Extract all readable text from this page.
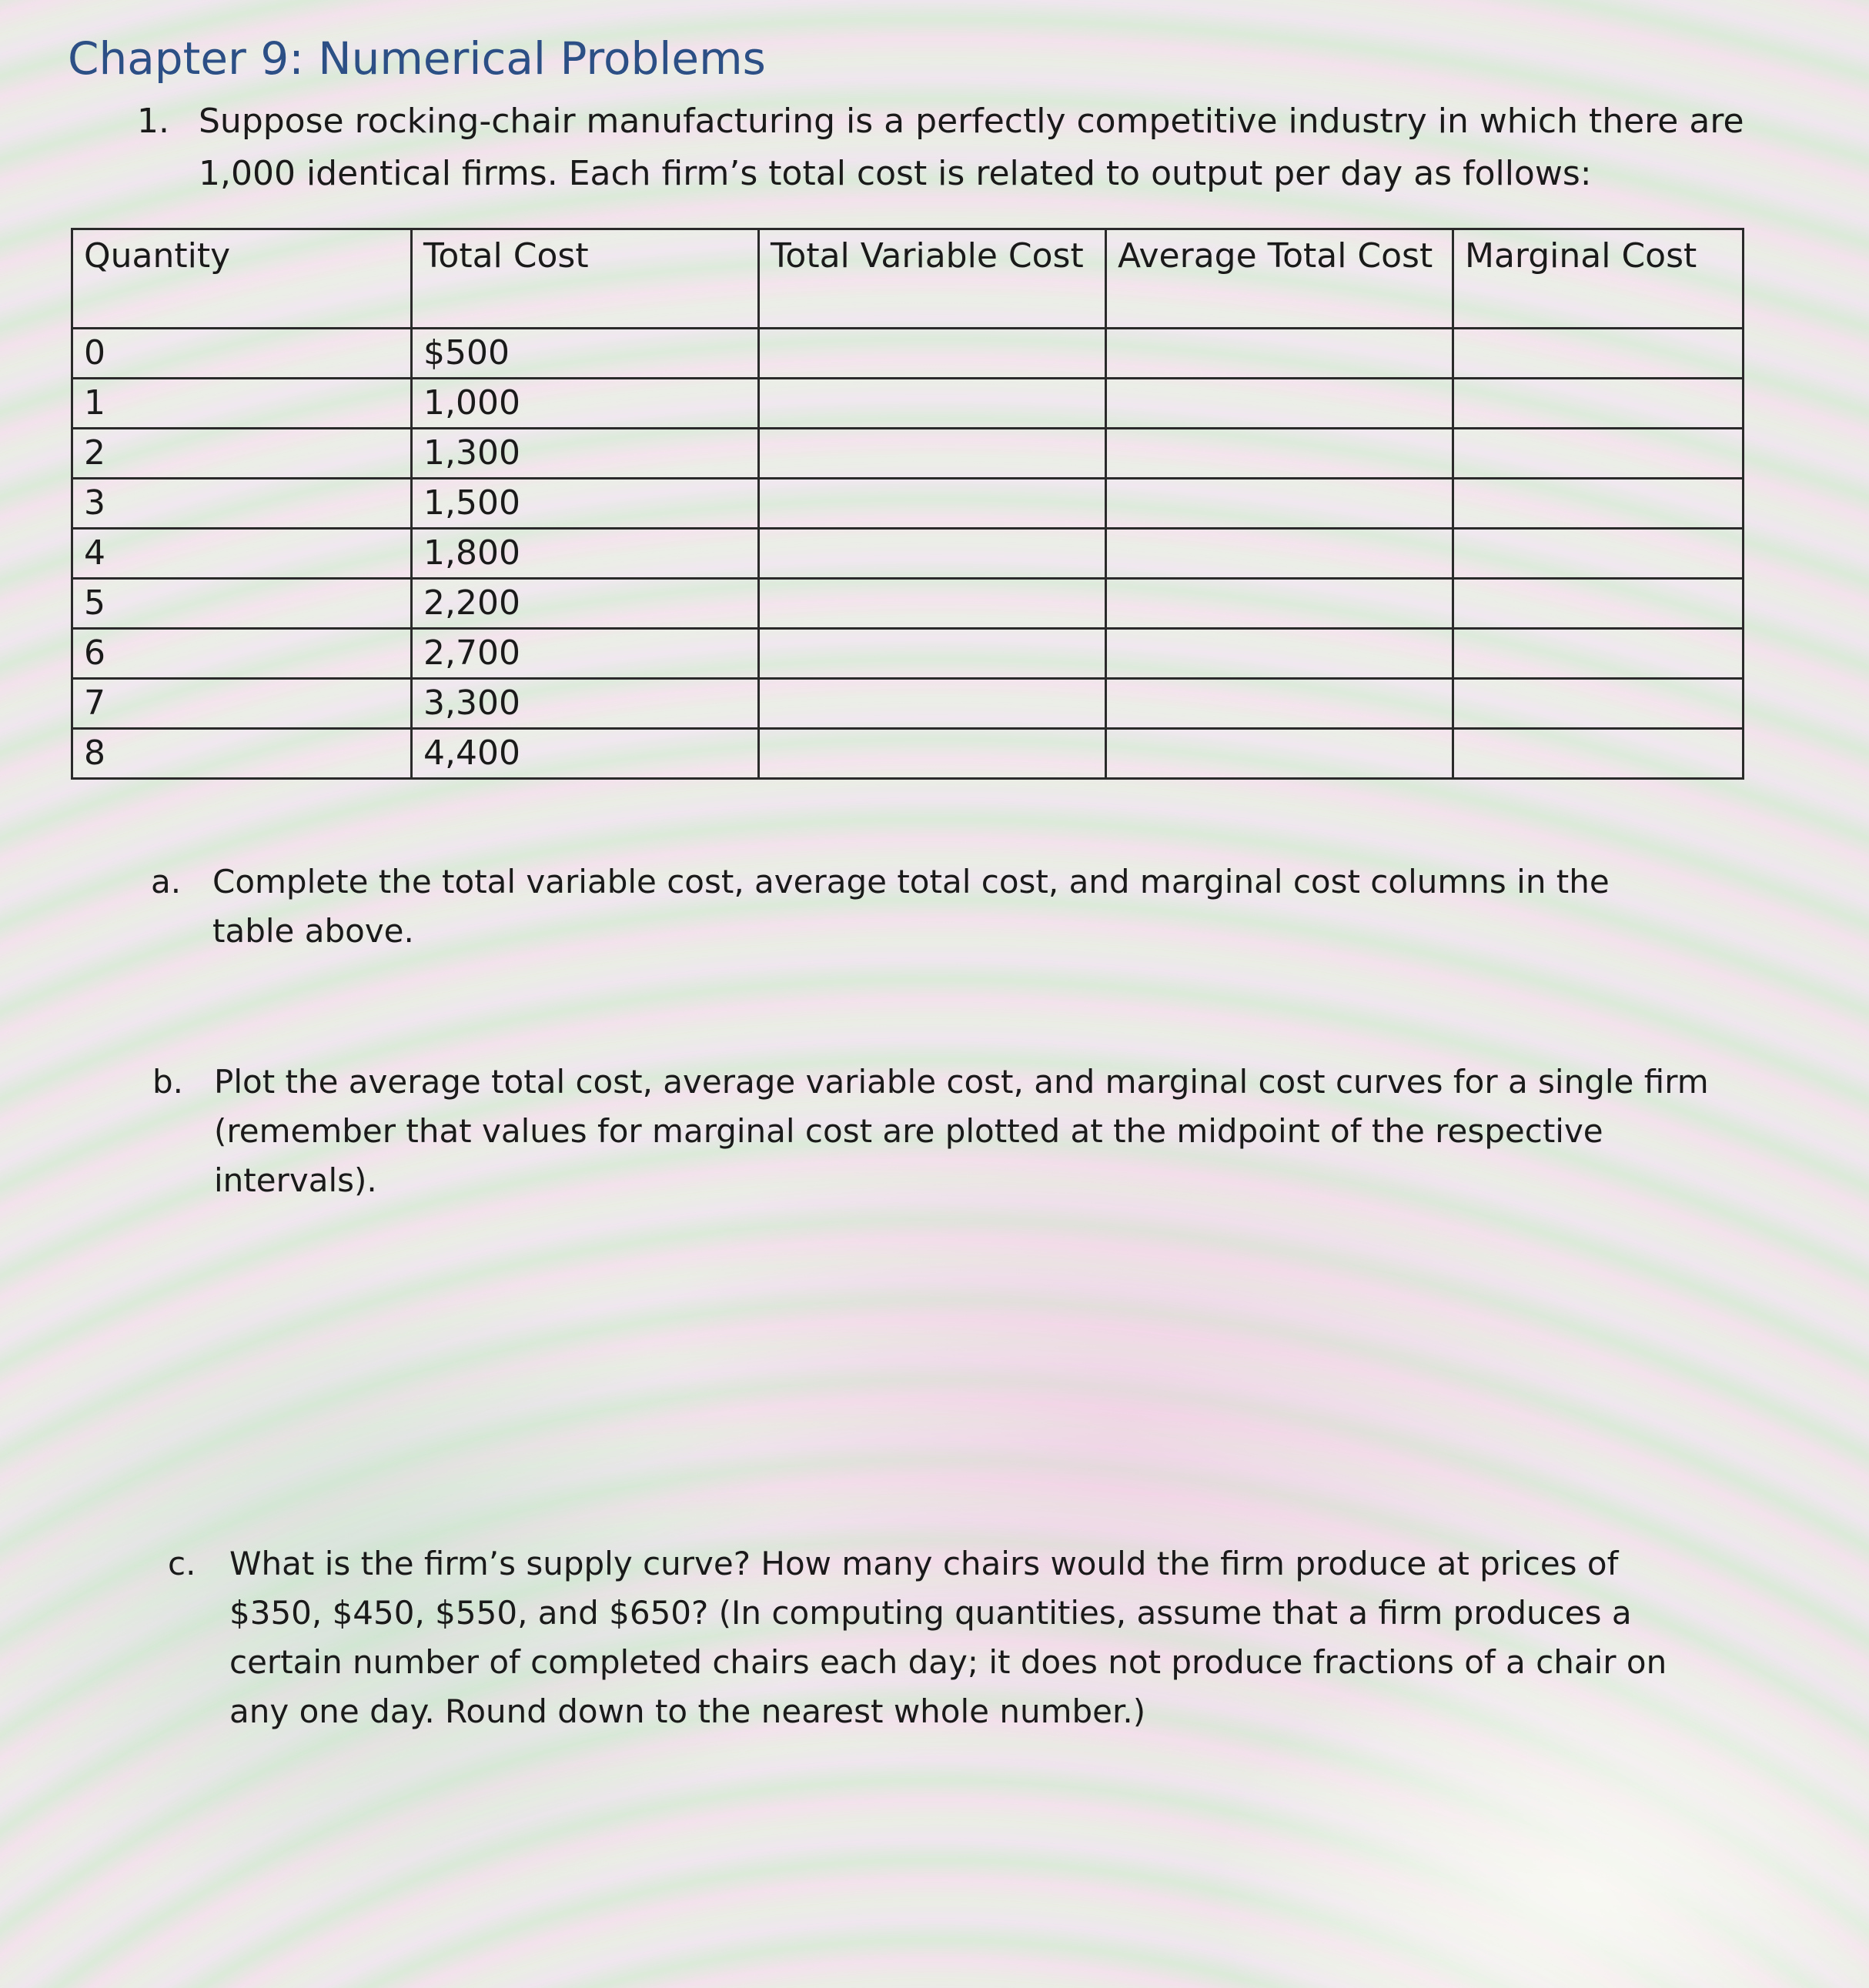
Chapter 9: Numerical Problems
1. Suppose rocking-chair manufacturing is a perfectly competitive industry in which there are 1,000 identical firms. Each firm’s total cost is related to output per day as follows:
Quantity	Total Cost	Total Variable Cost	Average Total Cost	Marginal Cost
0	$500			
1	1,000			
2	1,300			
3	1,500			
4	1,800			
5	2,200			
6	2,700			
7	3,300			
8	4,400			
a. Complete the total variable cost, average total cost, and marginal cost columns in the table above.
b. Plot the average total cost, average variable cost, and marginal cost curves for a single firm (remember that values for marginal cost are plotted at the midpoint of the respective intervals).
c.	What is the firm’s supply curve? How many chairs would the firm produce at prices of $350, $450, $550, and $650? (In computing quantities, assume that a firm produces a certain number of completed chairs each day; it does not produce fractions of a chair on any one day. Round down to the nearest whole number.)
